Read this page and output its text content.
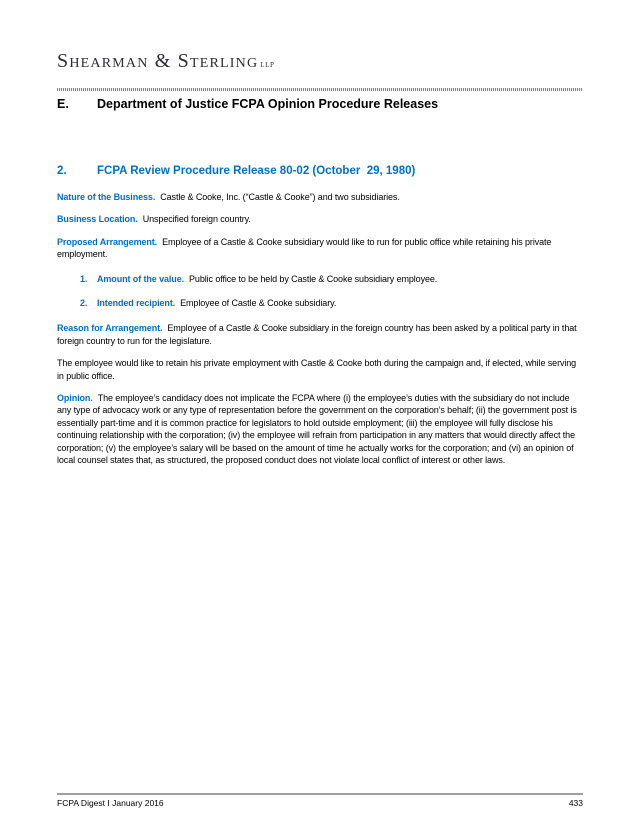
Shearman & Sterling LLP
E.	Department of Justice FCPA Opinion Procedure Releases
2.	FCPA Review Procedure Release 80-02 (October  29, 1980)

Nature of the Business. Castle & Cooke, Inc. (“Castle & Cooke”) and two subsidiaries.

Business Location. Unspecified foreign country.

Proposed Arrangement. Employee of a Castle & Cooke subsidiary would like to run for public office while retaining his private employment.

1.	Amount of the value. Public office to be held by Castle & Cooke subsidiary employee.

2.	Intended recipient. Employee of Castle & Cooke subsidiary.

Reason for Arrangement. Employee of a Castle & Cooke subsidiary in the foreign country has been asked by a political party in that foreign country to run for the legislature.

The employee would like to retain his private employment with Castle & Cooke both during the campaign and, if elected, while serving in public office.

Opinion. The employee’s candidacy does not implicate the FCPA where (i) the employee’s duties with the subsidiary do not include any type of advocacy work or any type of representation before the government on the corporation’s behalf; (ii) the government post is essentially part-time and it is common practice for legislators to hold outside employment; (iii) the employee will fully disclose his continuing relationship with the corporation; (iv) the employee will refrain from participation in any matters that would directly affect the corporation; (v) the employee’s salary will be based on the amount of time he actually works for the corporation; and (vi) an opinion of local counsel states that, as structured, the proposed conduct does not violate local conflict of interest or other laws.

FCPA Digest I January 2016	433
